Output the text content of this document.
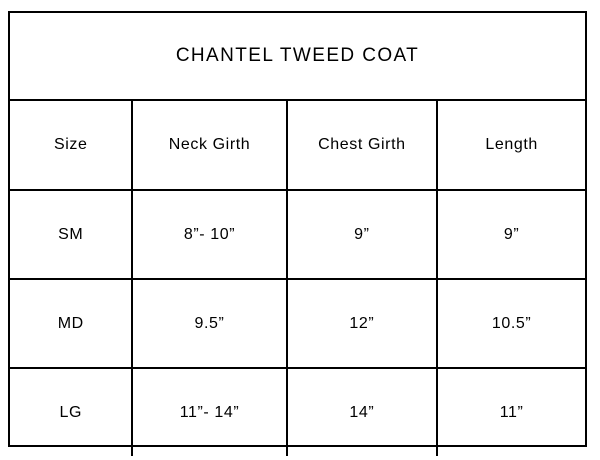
CHANTEL TWEED COAT			
Size	Neck Girth	Chest Girth	Length
SM	8”- 10”	9”	9”
MD	9.5”	12”	10.5”
LG	11”- 14”	14”	11”
